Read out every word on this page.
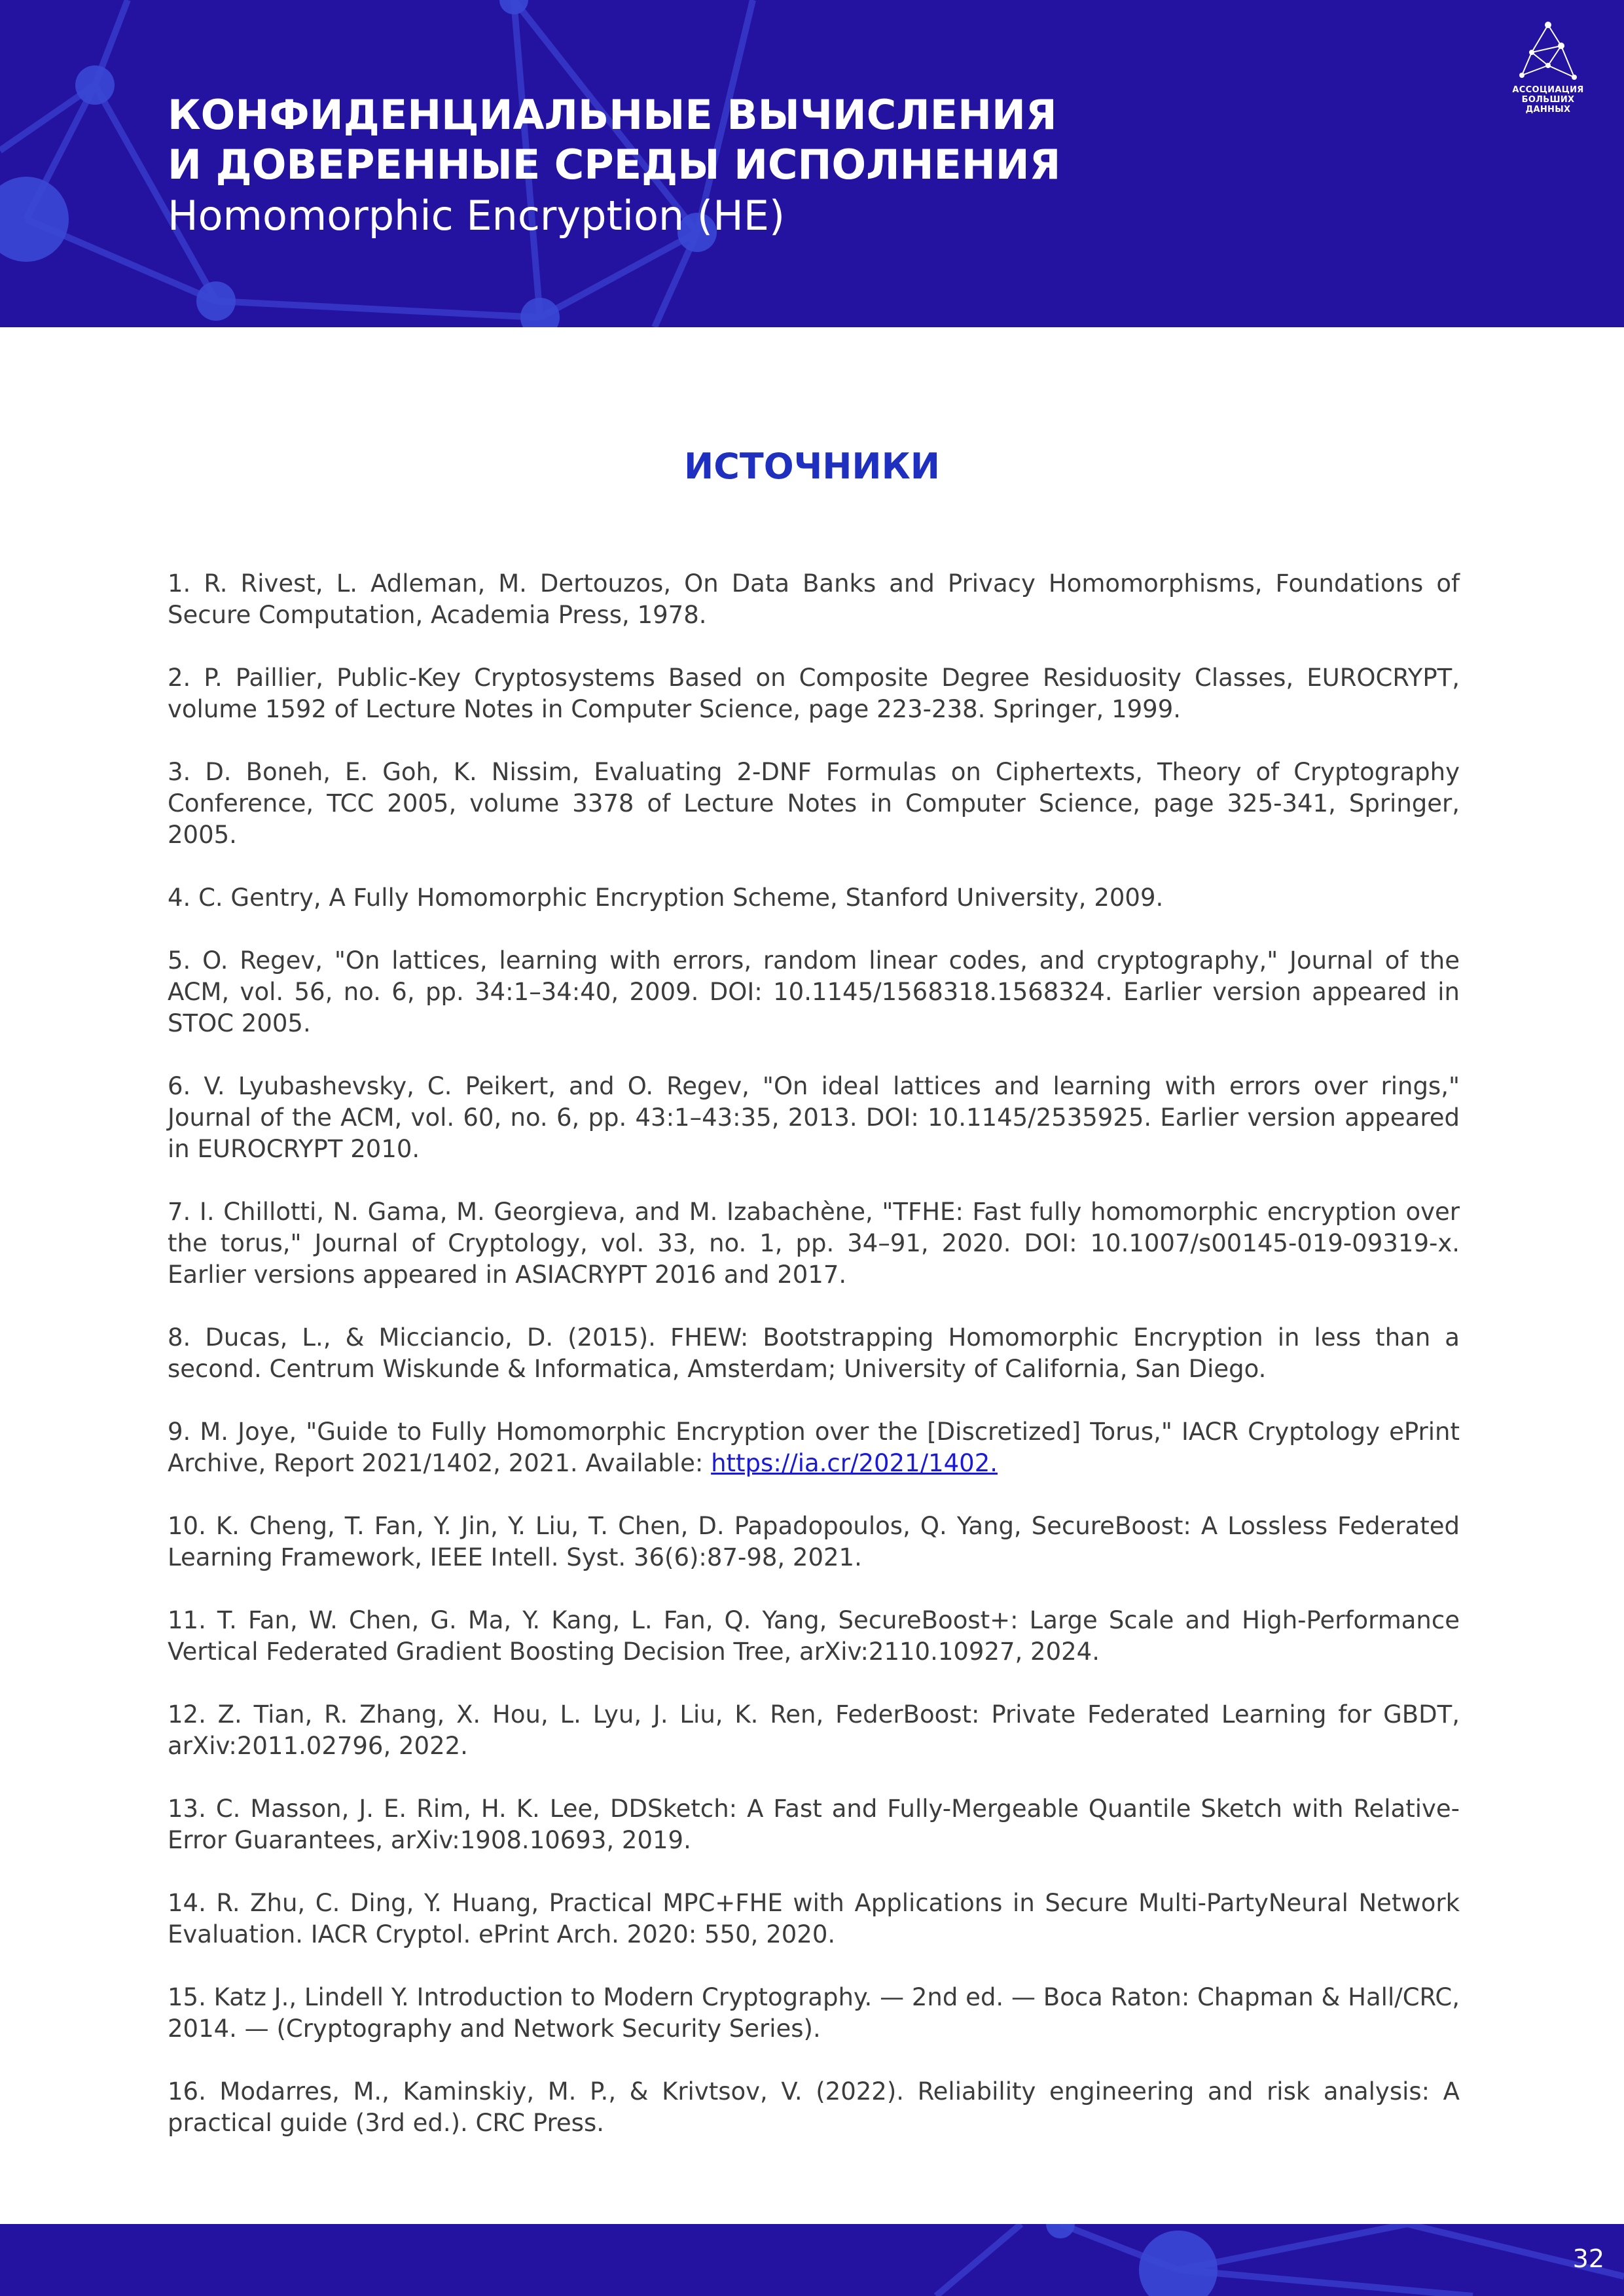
КОНФИДЕНЦИАЛЬНЫЕ ВЫЧИСЛЕНИЯ
И ДОВЕРЕННЫЕ СРЕДЫ ИСПОЛНЕНИЯ
Homomorphic Encryption (HE)
АССОЦИАЦИЯ
БОЛЬШИХ ДАННЫХ
ИСТОЧНИКИ
1. R. Rivest, L. Adleman, M. Dertouzos, On Data Banks and Privacy Homomorphisms, Foundations of Secure Computation, Academia Press, 1978.
2. P. Paillier, Public-Key Cryptosystems Based on Composite Degree Residuosity Classes, EUROCRYPT, volume 1592 of Lecture Notes in Computer Science, page 223-238. Springer, 1999.
3. D. Boneh, E. Goh, K. Nissim, Evaluating 2-DNF Formulas on Ciphertexts, Theory of Cryptography Conference, TCC 2005, volume 3378 of Lecture Notes in Computer Science, page 325-341, Springer, 2005.
4. C. Gentry, A Fully Homomorphic Encryption Scheme, Stanford University, 2009.
5. O. Regev, "On lattices, learning with errors, random linear codes, and cryptography," Journal of the ACM, vol. 56, no. 6, pp. 34:1–34:40, 2009. DOI: 10.1145/1568318.1568324. Earlier version appeared in STOC 2005.
6. V. Lyubashevsky, C. Peikert, and O. Regev, "On ideal lattices and learning with errors over rings," Journal of the ACM, vol. 60, no. 6, pp. 43:1–43:35, 2013. DOI: 10.1145/2535925. Earlier version appeared in EUROCRYPT 2010.
7. I. Chillotti, N. Gama, M. Georgieva, and M. Izabachène, "TFHE: Fast fully homomorphic encryption over the torus," Journal of Cryptology, vol. 33, no. 1, pp. 34–91, 2020. DOI: 10.1007/s00145-019-09319-x. Earlier versions appeared in ASIACRYPT 2016 and 2017.
8. Ducas, L., & Micciancio, D. (2015). FHEW: Bootstrapping Homomorphic Encryption in less than a second. Centrum Wiskunde & Informatica, Amsterdam; University of California, San Diego.
9. M. Joye, "Guide to Fully Homomorphic Encryption over the [Discretized] Torus," IACR Cryptology ePrint Archive, Report 2021/1402, 2021. Available: https://ia.cr/2021/1402.
10. K. Cheng, T. Fan, Y. Jin, Y. Liu, T. Chen, D. Papadopoulos, Q. Yang, SecureBoost: A Lossless Federated Learning Framework, IEEE Intell. Syst. 36(6):87-98, 2021.
11. T. Fan, W. Chen, G. Ma, Y. Kang, L. Fan, Q. Yang, SecureBoost+: Large Scale and High-Performance Vertical Federated Gradient Boosting Decision Tree, arXiv:2110.10927, 2024.
12. Z. Tian, R. Zhang, X. Hou, L. Lyu, J. Liu, K. Ren, FederBoost: Private Federated Learning for GBDT, arXiv:2011.02796, 2022.
13. C. Masson, J. E. Rim, H. K. Lee, DDSketch: A Fast and Fully-Mergeable Quantile Sketch with Relative-Error Guarantees, arXiv:1908.10693, 2019.
14. R. Zhu, C. Ding, Y. Huang, Practical MPC+FHE with Applications in Secure Multi-PartyNeural Network Evaluation. IACR Cryptol. ePrint Arch. 2020: 550, 2020.
15. Katz J., Lindell Y. Introduction to Modern Cryptography. — 2nd ed. — Boca Raton: Chapman & Hall/CRC, 2014. — (Cryptography and Network Security Series).
16. Modarres, M., Kaminskiy, M. P., & Krivtsov, V. (2022). Reliability engineering and risk analysis: A practical guide (3rd ed.). CRC Press.
32
